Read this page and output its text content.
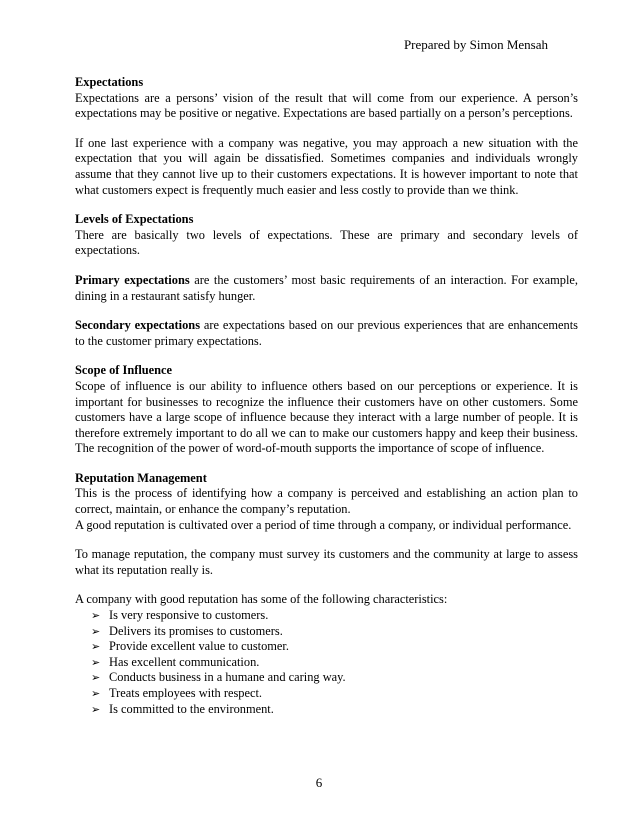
Prepared by Simon Mensah

Expectations
Expectations are a persons’ vision of the result that will come from our experience. A person’s expectations may be positive or negative. Expectations are based partially on a person’s perceptions.

If one last experience with a company was negative, you may approach a new situation with the expectation that you will again be dissatisfied. Sometimes companies and individuals wrongly assume that they cannot live up to their customers expectations. It is however important to note that what customers expect is frequently much easier and less costly to provide than we think.

Levels of Expectations
There are basically two levels of expectations. These are primary and secondary levels of expectations.

Primary expectations are the customers’ most basic requirements of an interaction. For example, dining in a restaurant satisfy hunger.

Secondary expectations are expectations based on our previous experiences that are enhancements to the customer primary expectations.

Scope of Influence
Scope of influence is our ability to influence others based on our perceptions or experience. It is important for businesses to recognize the influence their customers have on other customers. Some customers have a large scope of influence because they interact with a large number of people. It is therefore extremely important to do all we can to make our customers happy and keep their business. The recognition of the power of word-of-mouth supports the importance of scope of influence.

Reputation Management
This is the process of identifying how a company is perceived and establishing an action plan to correct, maintain, or enhance the company’s reputation.
A good reputation is cultivated over a period of time through a company, or individual performance.

To manage reputation, the company must survey its customers and the community at large to assess what its reputation really is.

A company with good reputation has some of the following characteristics:
➢ Is very responsive to customers.
➢ Delivers its promises to customers.
➢ Provide excellent value to customer.
➢ Has excellent communication.
➢ Conducts business in a humane and caring way.
➢ Treats employees with respect.
➢ Is committed to the environment.
6
